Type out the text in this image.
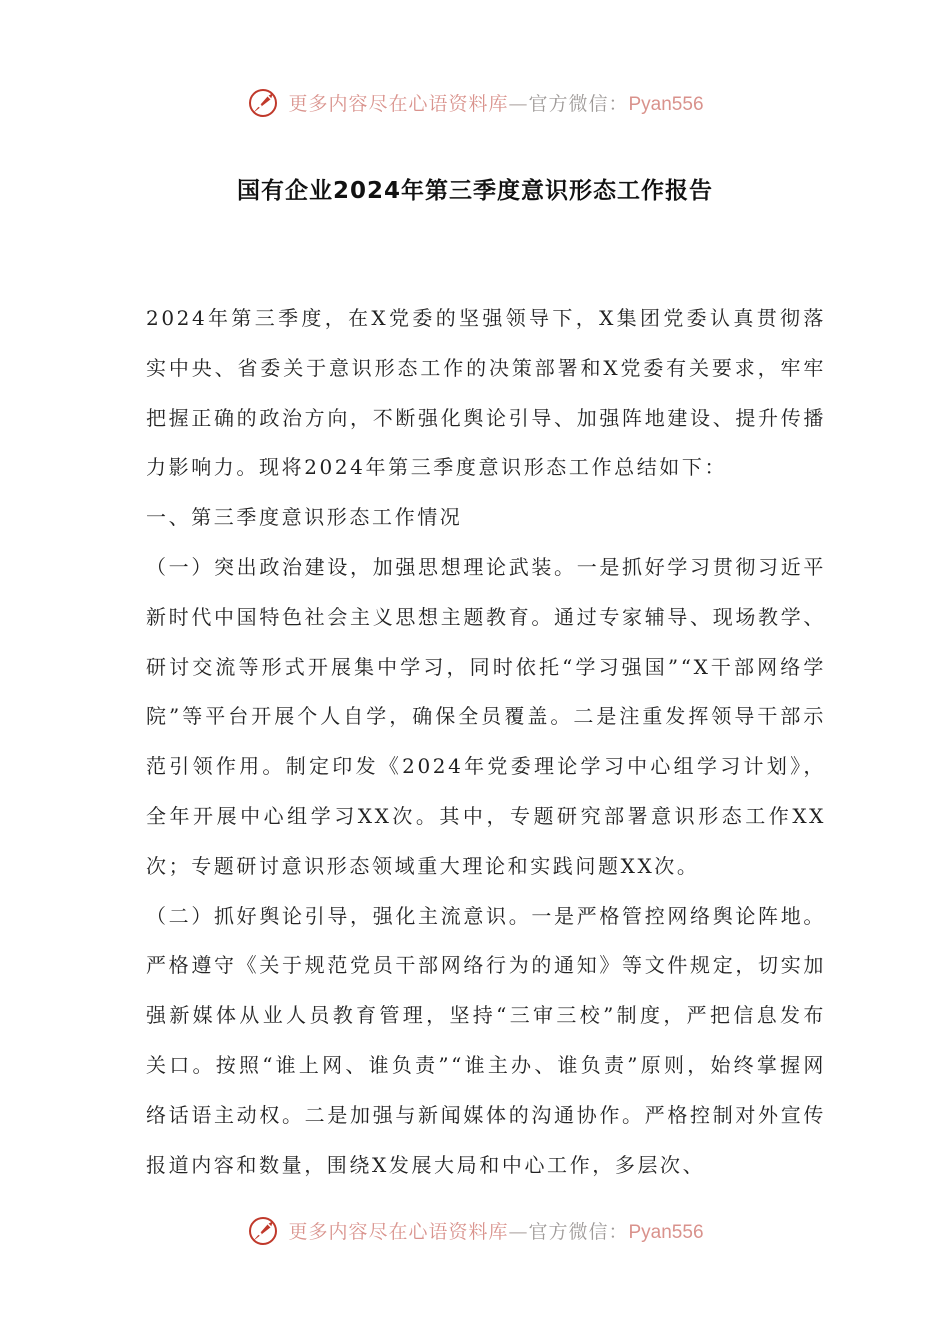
更多内容尽在心语资料库—官方微信：Pyan556
国有企业2024年第三季度意识形态工作报告

2024年第三季度，在X党委的坚强领导下，X集团党委认真贯彻落实中央、省委关于意识形态工作的决策部署和X党委有关要求，牢牢把握正确的政治方向，不断强化舆论引导、加强阵地建设、提升传播力影响力。现将2024年第三季度意识形态工作总结如下：

一、第三季度意识形态工作情况

（一）突出政治建设，加强思想理论武装。一是抓好学习贯彻习近平新时代中国特色社会主义思想主题教育。通过专家辅导、现场教学、研讨交流等形式开展集中学习，同时依托“学习强国”“X干部网络学院”等平台开展个人自学，确保全员覆盖。二是注重发挥领导干部示范引领作用。制定印发《2024年党委理论学习中心组学习计划》，全年开展中心组学习XX次。其中，专题研究部署意识形态工作XX次；专题研讨意识形态领域重大理论和实践问题XX次。

（二）抓好舆论引导，强化主流意识。一是严格管控网络舆论阵地。严格遵守《关于规范党员干部网络行为的通知》等文件规定，切实加强新媒体从业人员教育管理，坚持“三审三校”制度，严把信息发布关口。按照“谁上网、谁负责”“谁主办、谁负责”原则，始终掌握网络话语主动权。二是加强与新闻媒体的沟通协作。严格控制对外宣传报道内容和数量，围绕X发展大局和中心工作，多层次、

更多内容尽在心语资料库—官方微信：Pyan556
